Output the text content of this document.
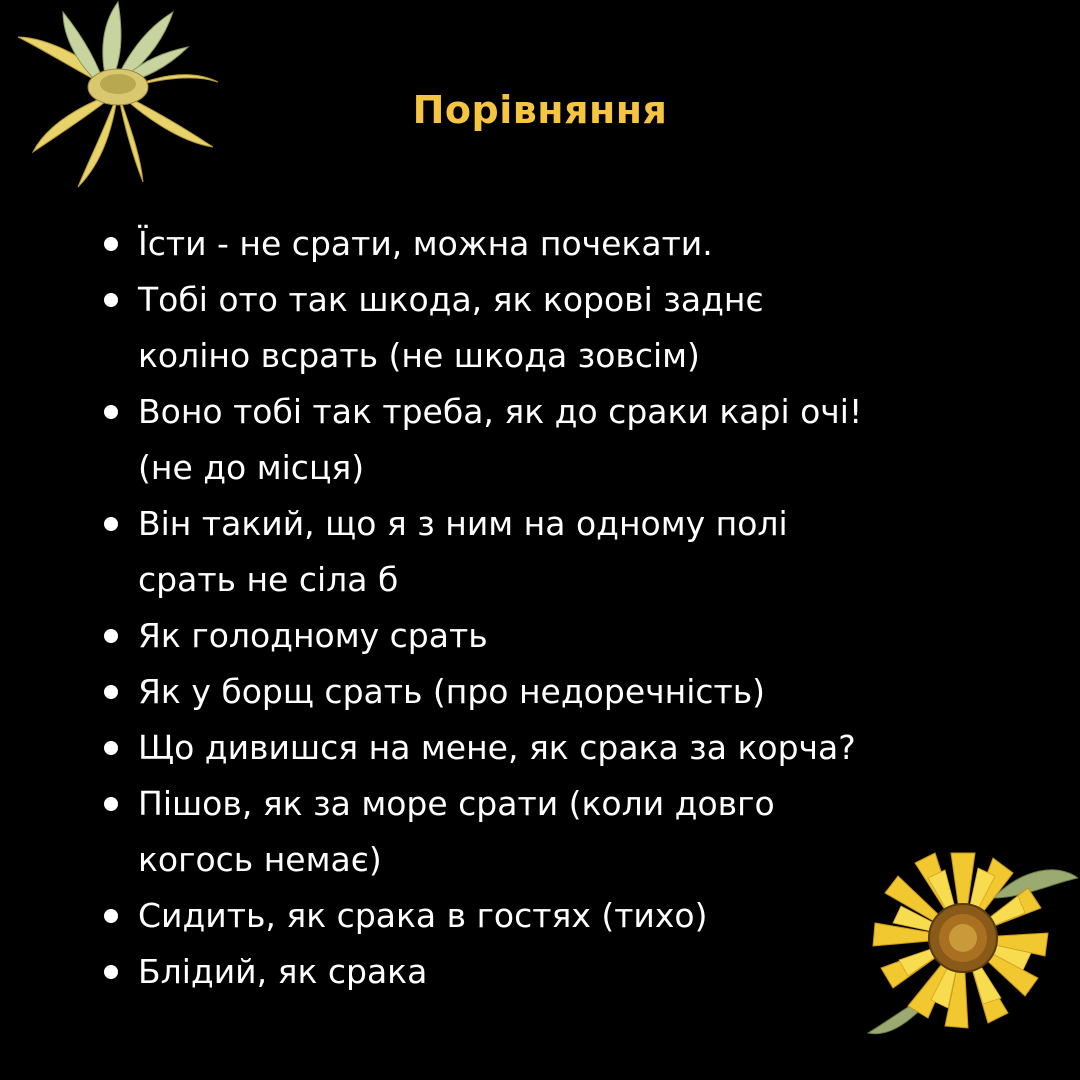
Порівняння
Їсти - не срати, можна почекати.
Тобі ото так шкода, як корові заднє
коліно всрать (не шкода зовсім)
Воно тобі так треба, як до сраки карі очі!
(не до місця)
Він такий, що я з ним на одному полі
срать не сіла б
Як голодному срать
Як у борщ срать (про недоречність)
Що дивишся на мене, як срака за корча?
Пішов, як за море срати (коли довго
когось немає)
Сидить, як срака в гостях (тихо)
Блідий, як срака
